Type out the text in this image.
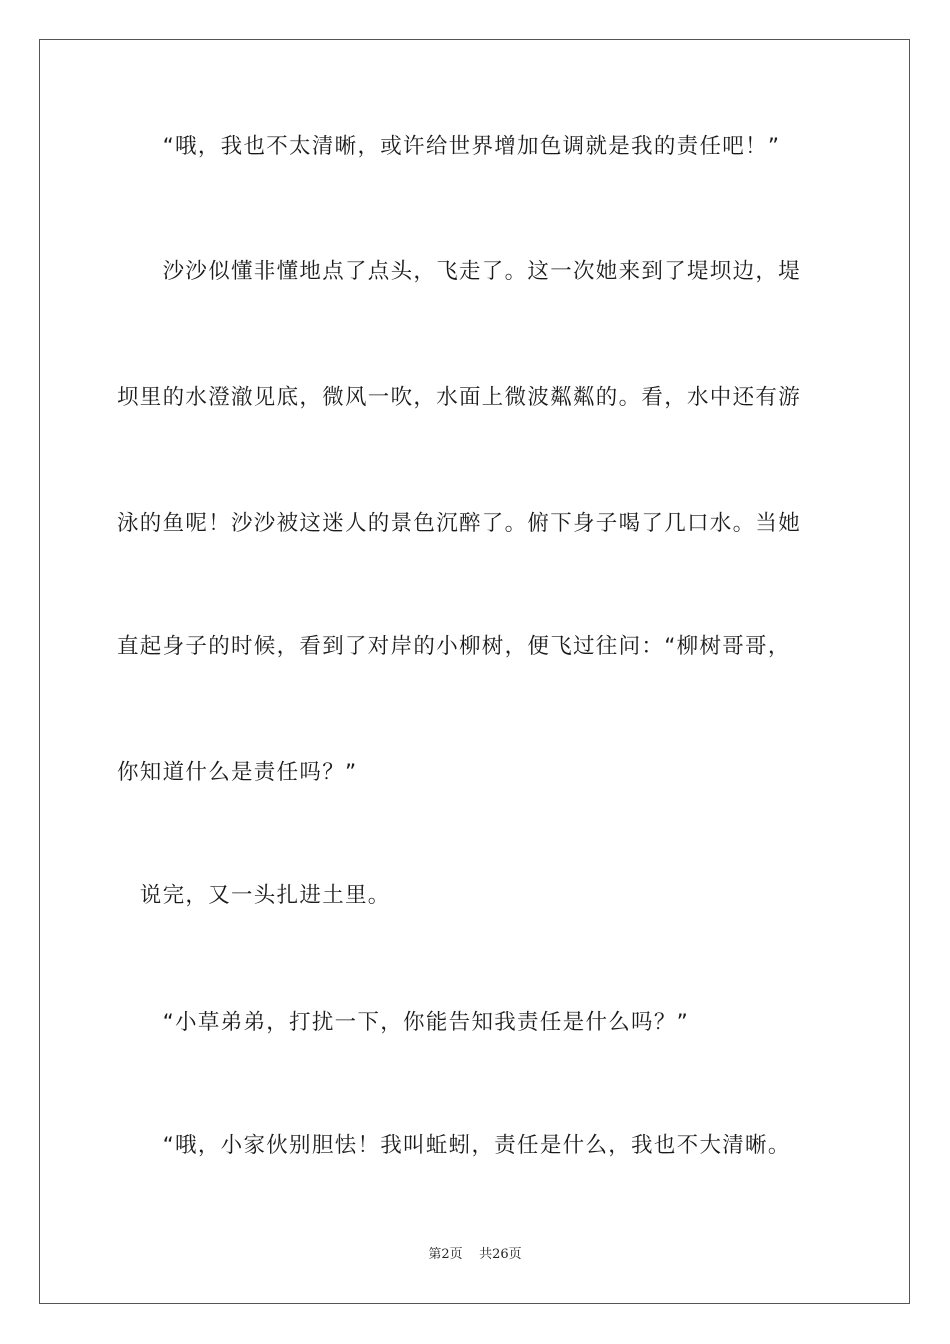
　　“哦，我也不太清晰，或许给世界增加色调就是我的责任吧！”
　　沙沙似懂非懂地点了点头，飞走了。这一次她来到了堤坝边，堤
坝里的水澄澈见底，微风一吹，水面上微波粼粼的。看，水中还有游
泳的鱼呢！沙沙被这迷人的景色沉醉了。俯下身子喝了几口水。当她
直起身子的时候，看到了对岸的小柳树，便飞过往问：“柳树哥哥，
你知道什么是责任吗？”
　说完，又一头扎进土里。
　　“小草弟弟，打扰一下，你能告知我责任是什么吗？”
　　“哦，小家伙别胆怯！我叫蚯蚓，责任是什么，我也不大清晰。
第2页 共26页
